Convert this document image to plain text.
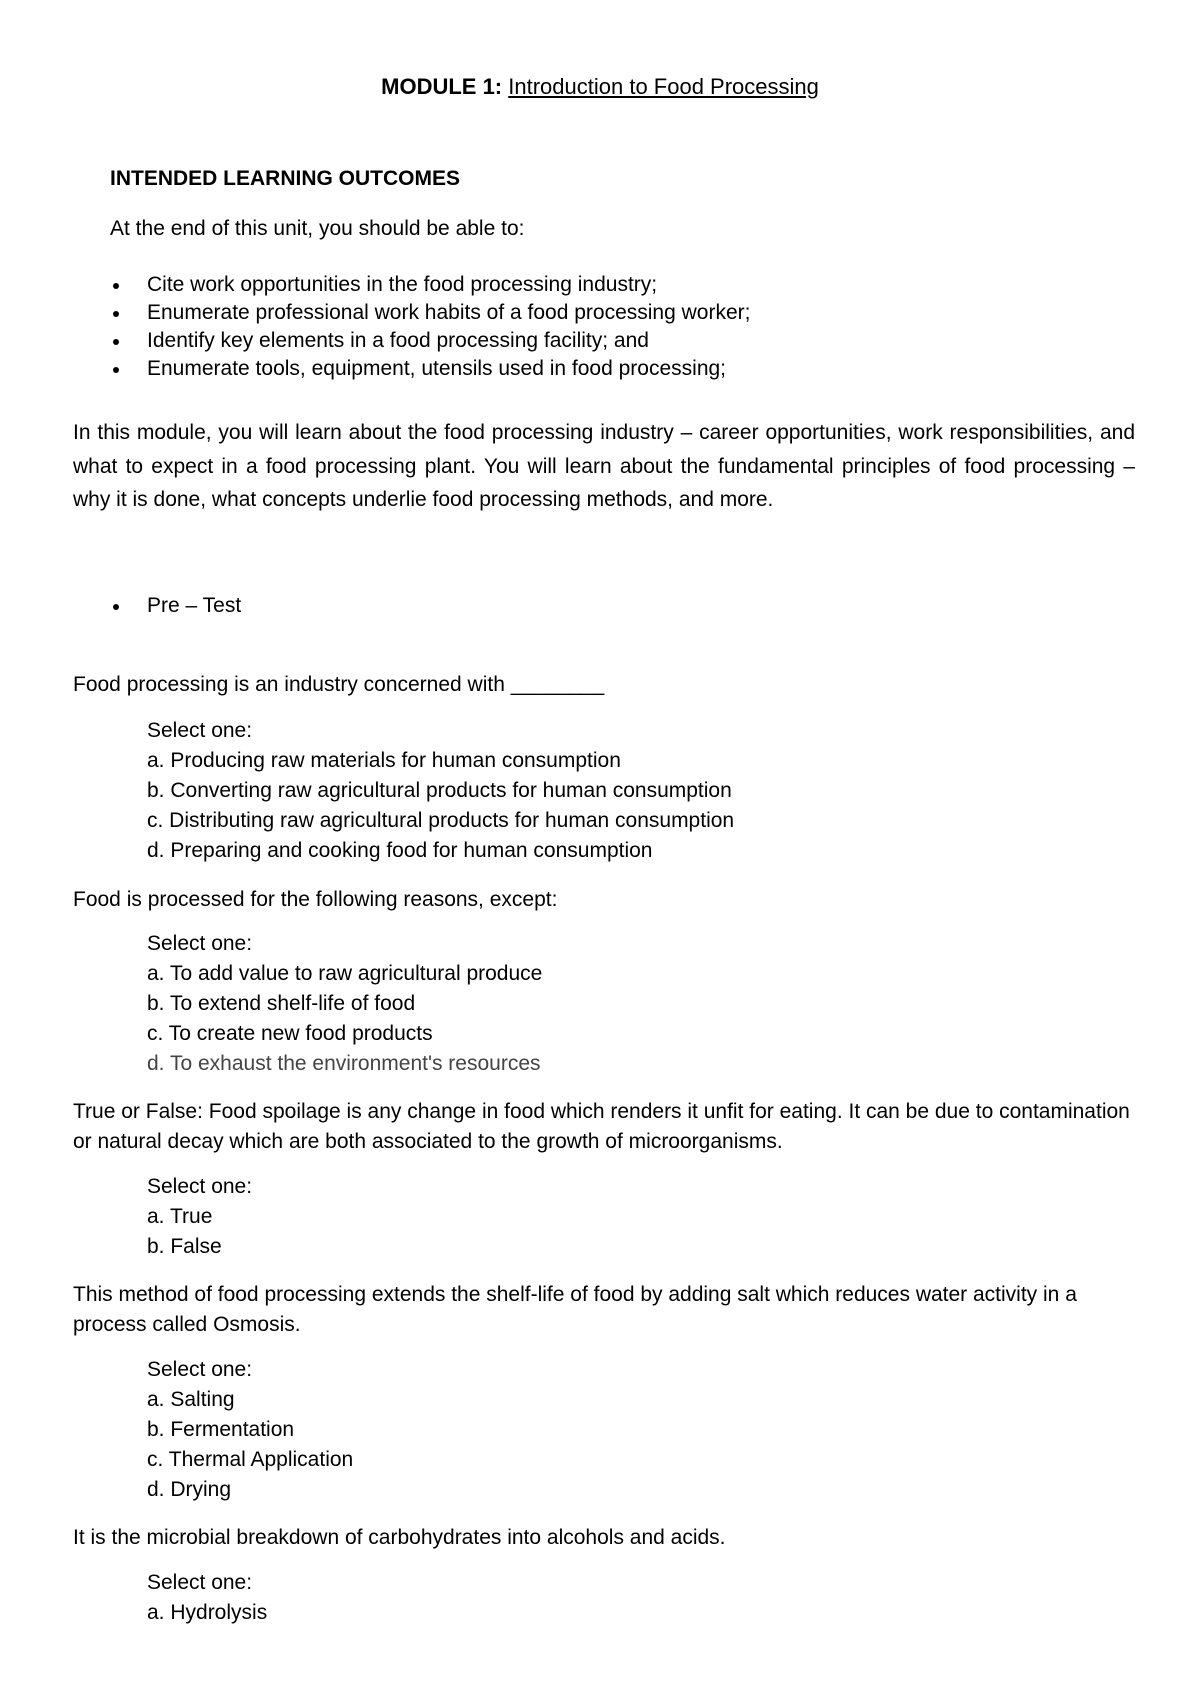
MODULE 1: Introduction to Food Processing
INTENDED LEARNING OUTCOMES
At the end of this unit, you should be able to:
Cite work opportunities in the food processing industry;
Enumerate professional work habits of a food processing worker;
Identify key elements in a food processing facility; and
Enumerate tools, equipment, utensils used in food processing;
In this module, you will learn about the food processing industry – career opportunities, work responsibilities, and what to expect in a food processing plant. You will learn about the fundamental principles of food processing – why it is done, what concepts underlie food processing methods, and more.
Pre – Test
Food processing is an industry concerned with ________
Select one:
a. Producing raw materials for human consumption
b. Converting raw agricultural products for human consumption
c. Distributing raw agricultural products for human consumption
d. Preparing and cooking food for human consumption
Food is processed for the following reasons, except:
Select one:
a. To add value to raw agricultural produce
b. To extend shelf-life of food
c. To create new food products
d. To exhaust the environment's resources
True or False: Food spoilage is any change in food which renders it unfit for eating. It can be due to contamination or natural decay which are both associated to the growth of microorganisms.
Select one:
a. True
b. False
This method of food processing extends the shelf-life of food by adding salt which reduces water activity in a process called Osmosis.
Select one:
a. Salting
b. Fermentation
c. Thermal Application
d. Drying
It is the microbial breakdown of carbohydrates into alcohols and acids.
Select one:
a. Hydrolysis
